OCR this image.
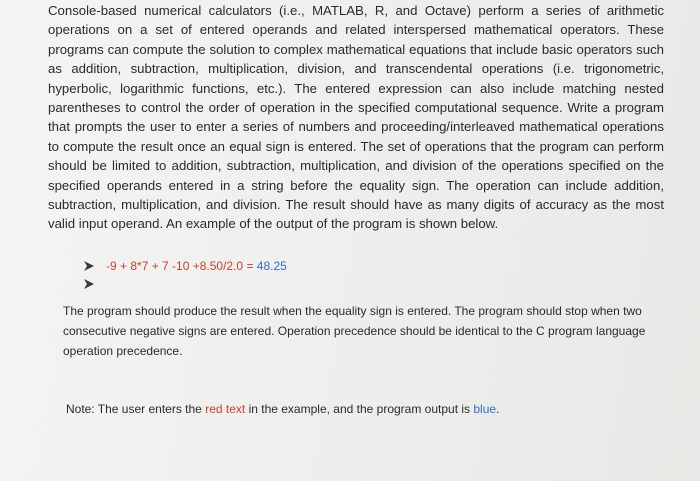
Console-based numerical calculators (i.e., MATLAB, R, and Octave) perform a series of arithmetic operations on a set of entered operands and related interspersed mathematical operators. These programs can compute the solution to complex mathematical equations that include basic operators such as addition, subtraction, multiplication, division, and transcendental operations (i.e. trigonometric, hyperbolic, logarithmic functions, etc.). The entered expression can also include matching nested parentheses to control the order of operation in the specified computational sequence. Write a program that prompts the user to enter a series of numbers and proceeding/interleaved mathematical operations to compute the result once an equal sign is entered. The set of operations that the program can perform should be limited to addition, subtraction, multiplication, and division of the operations specified on the specified operands entered in a string before the equality sign. The operation can include addition, subtraction, multiplication, and division. The result should have as many digits of accuracy as the most valid input operand. An example of the output of the program is shown below.

-9 + 8*7 + 7 -10 +8.50/2.0 =
48.25

The program should produce the result when the equality sign is entered. The program should stop when two consecutive negative signs are entered. Operation precedence should be identical to the C program language operation precedence.

Note: The user enters the red text in the example, and the program output is blue.
